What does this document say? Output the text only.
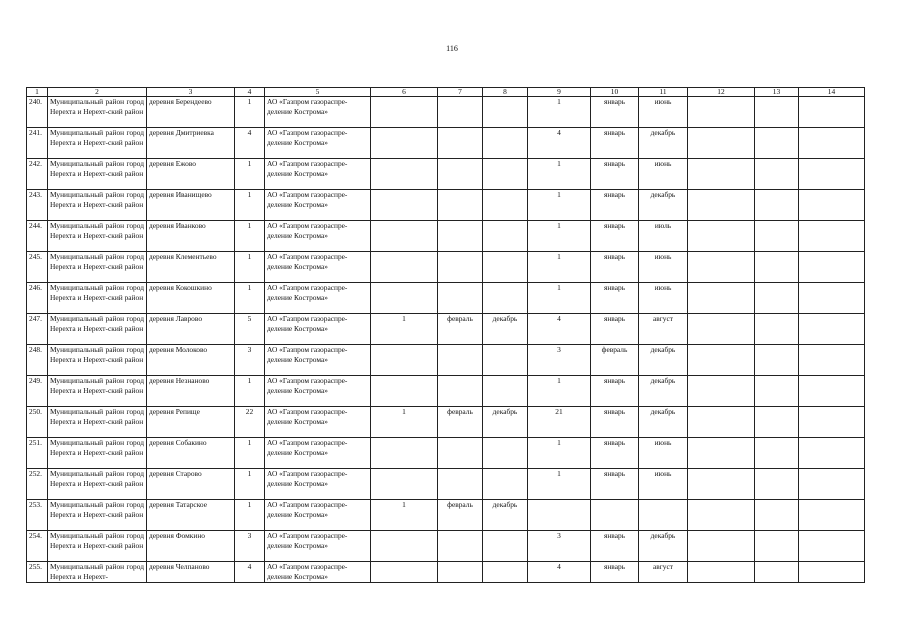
116
1	2	3	4	5	6	7	8	9	10	11	12	13	14
240.	Муниципальный район город Нерехта и Нерехт-ский район	деревня Берендеево	1	АО «Газпром газораспре-деление Кострома»				1	январь	июнь			
241.	Муниципальный район город Нерехта и Нерехт-ский район	деревня Дмитриевка	4	АО «Газпром газораспре-деление Кострома»				4	январь	декабрь			
242.	Муниципальный район город Нерехта и Нерехт-ский район	деревня Ежово	1	АО «Газпром газораспре-деление Кострома»				1	январь	июнь			
243.	Муниципальный район город Нерехта и Нерехт-ский район	деревня Иванищево	1	АО «Газпром газораспре-деление Кострома»				1	январь	декабрь			
244.	Муниципальный район город Нерехта и Нерехт-ский район	деревня Иванково	1	АО «Газпром газораспре-деление Кострома»				1	январь	июль			
245.	Муниципальный район город Нерехта и Нерехт-ский район	деревня Клементьево	1	АО «Газпром газораспре-деление Кострома»				1	январь	июнь			
246.	Муниципальный район город Нерехта и Нерехт-ский район	деревня Кокошкино	1	АО «Газпром газораспре-деление Кострома»				1	январь	июнь			
247.	Муниципальный район город Нерехта и Нерехт-ский район	деревня Лаврово	5	АО «Газпром газораспре-деление Кострома»	1	февраль	декабрь	4	январь	август			
248.	Муниципальный район город Нерехта и Нерехт-ский район	деревня Молоково	3	АО «Газпром газораспре-деление Кострома»				3	февраль	декабрь			
249.	Муниципальный район город Нерехта и Нерехт-ский район	деревня Незнаново	1	АО «Газпром газораспре-деление Кострома»				1	январь	декабрь			
250.	Муниципальный район город Нерехта и Нерехт-ский район	деревня Репище	22	АО «Газпром газораспре-деление Кострома»	1	февраль	декабрь	21	январь	декабрь			
251.	Муниципальный район город Нерехта и Нерехт-ский район	деревня Собакино	1	АО «Газпром газораспре-деление Кострома»				1	январь	июнь			
252.	Муниципальный район город Нерехта и Нерехт-ский район	деревня Старово	1	АО «Газпром газораспре-деление Кострома»				1	январь	июнь			
253.	Муниципальный район город Нерехта и Нерехт-ский район	деревня Татарское	1	АО «Газпром газораспре-деление Кострома»	1	февраль	декабрь						
254.	Муниципальный район город Нерехта и Нерехт-ский район	деревня Фомкино	3	АО «Газпром газораспре-деление Кострома»				3	январь	декабрь			
255.	Муниципальный район город Нерехта и Нерехт-	деревня Челпаново	4	АО «Газпром газораспре-деление Кострома»				4	январь	август			
